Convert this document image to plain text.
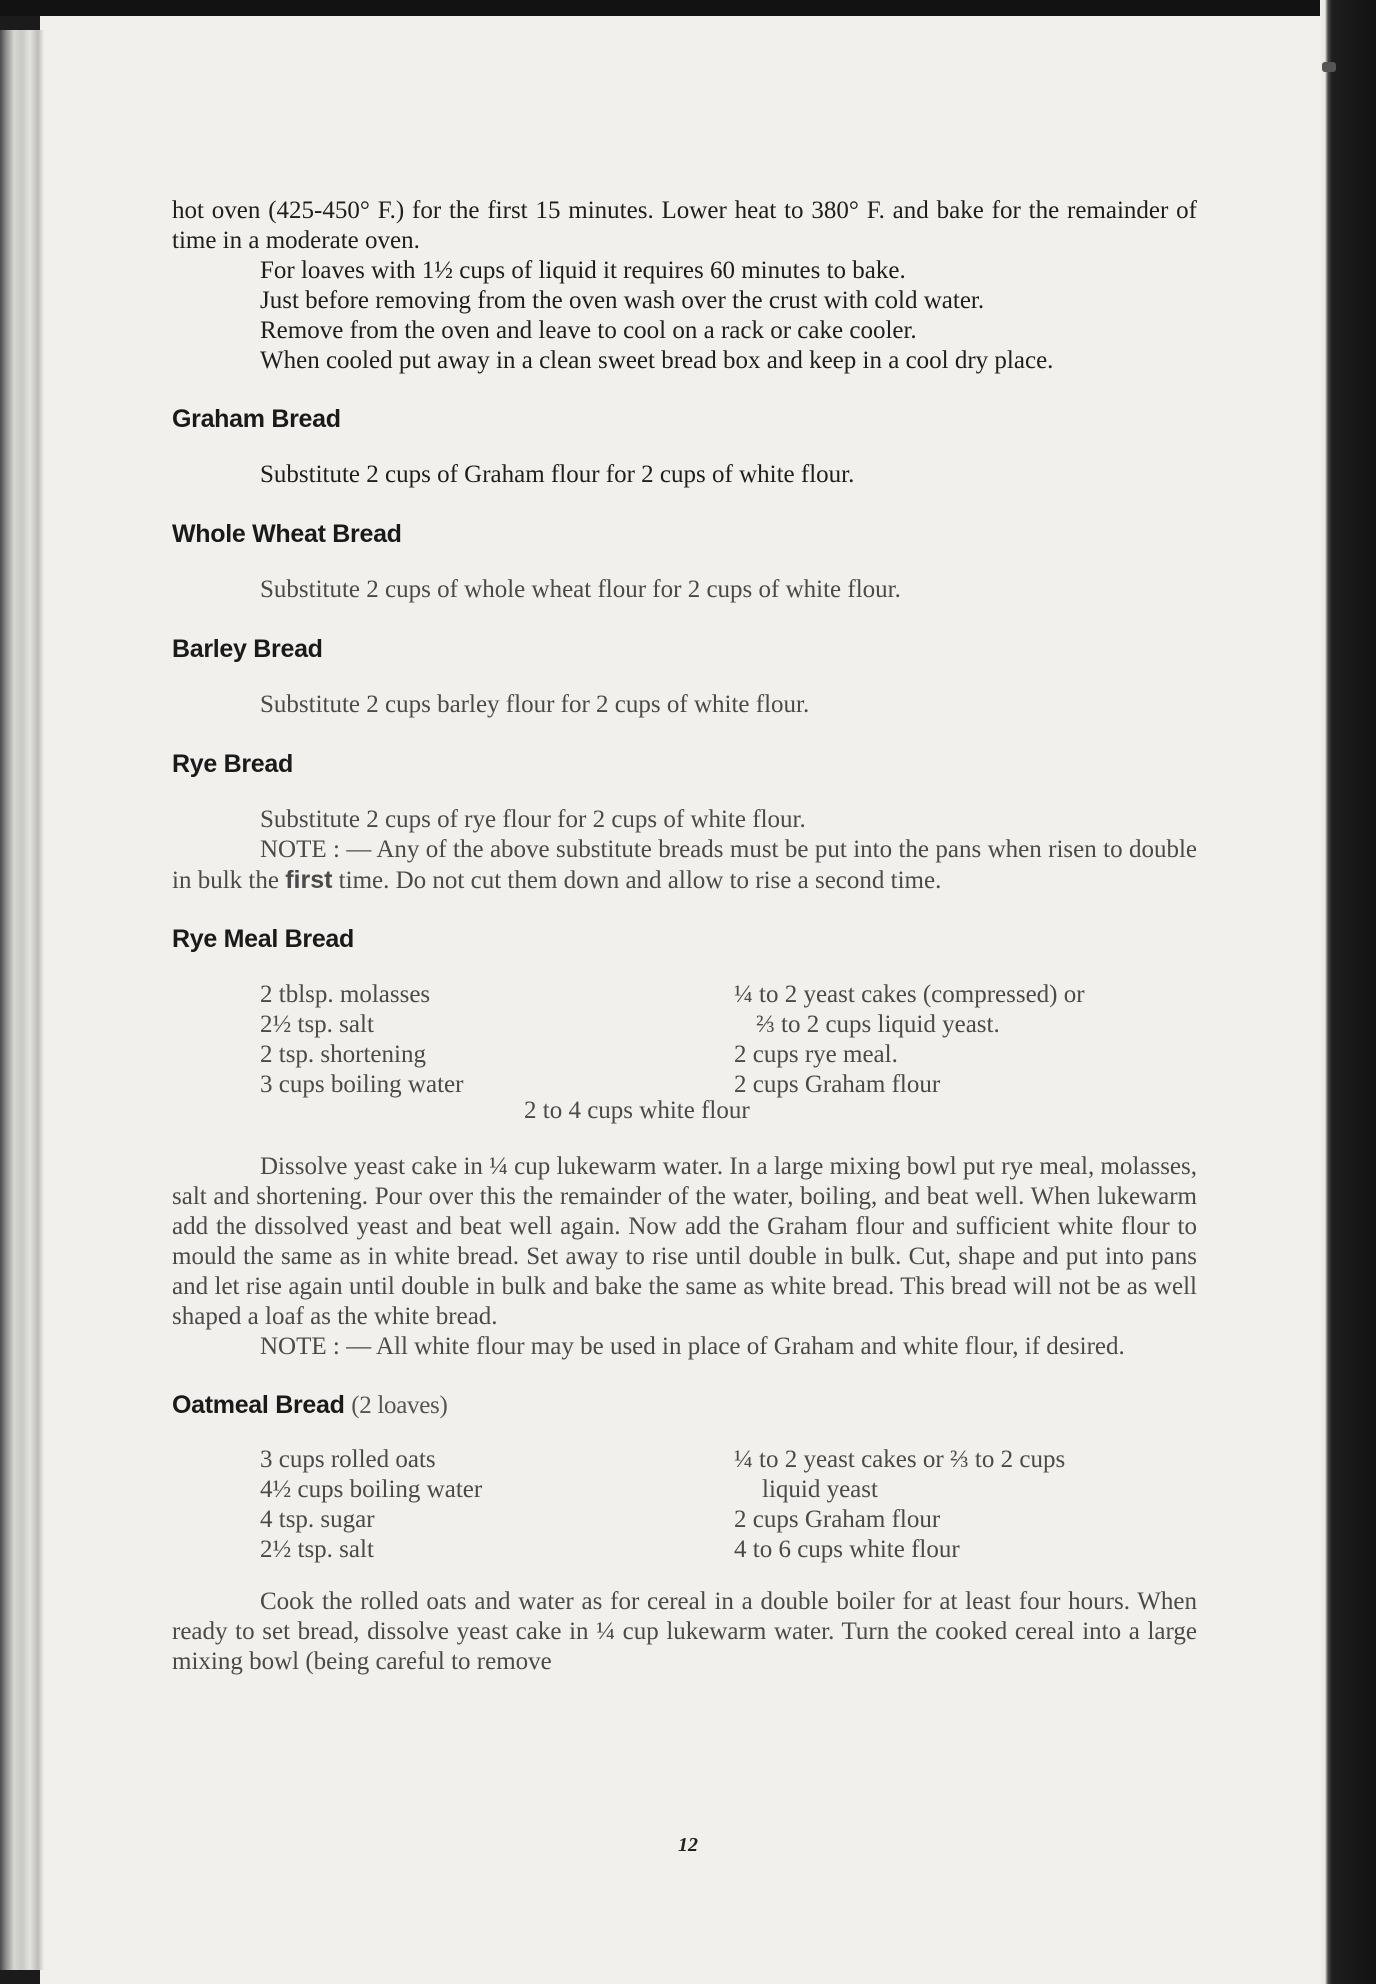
hot oven (425-450° F.) for the first 15 minutes. Lower heat to 380° F. and bake for the remainder of time in a moderate oven.

For loaves with 1½ cups of liquid it requires 60 minutes to bake.

Just before removing from the oven wash over the crust with cold water.

Remove from the oven and leave to cool on a rack or cake cooler.

When cooled put away in a clean sweet bread box and keep in a cool dry place.

Graham Bread

Substitute 2 cups of Graham flour for 2 cups of white flour.

Whole Wheat Bread

Substitute 2 cups of whole wheat flour for 2 cups of white flour.

Barley Bread

Substitute 2 cups barley flour for 2 cups of white flour.

Rye Bread

Substitute 2 cups of rye flour for 2 cups of white flour.

NOTE : — Any of the above substitute breads must be put into the pans when risen to double in bulk the first time. Do not cut them down and allow to rise a second time.

Rye Meal Bread

2 tblsp. molasses

2½ tsp. salt

2 tsp. shortening

3 cups boiling water

¼ to 2 yeast cakes (compressed) or

⅔ to 2 cups liquid yeast.

2 cups rye meal.

2 cups Graham flour

2 to 4 cups white flour

Dissolve yeast cake in ¼ cup lukewarm water. In a large mixing bowl put rye meal, molasses, salt and shortening. Pour over this the remainder of the water, boiling, and beat well. When lukewarm add the dissolved yeast and beat well again. Now add the Graham flour and sufficient white flour to mould the same as in white bread. Set away to rise until double in bulk. Cut, shape and put into pans and let rise again until double in bulk and bake the same as white bread. This bread will not be as well shaped a loaf as the white bread.

NOTE : — All white flour may be used in place of Graham and white flour, if desired.

Oatmeal Bread (2 loaves)

3 cups rolled oats

4½ cups boiling water

4 tsp. sugar

2½ tsp. salt

¼ to 2 yeast cakes or ⅔ to 2 cups

liquid yeast

2 cups Graham flour

4 to 6 cups white flour

Cook the rolled oats and water as for cereal in a double boiler for at least four hours. When ready to set bread, dissolve yeast cake in ¼ cup lukewarm water. Turn the cooked cereal into a large mixing bowl (being careful to remove

12
